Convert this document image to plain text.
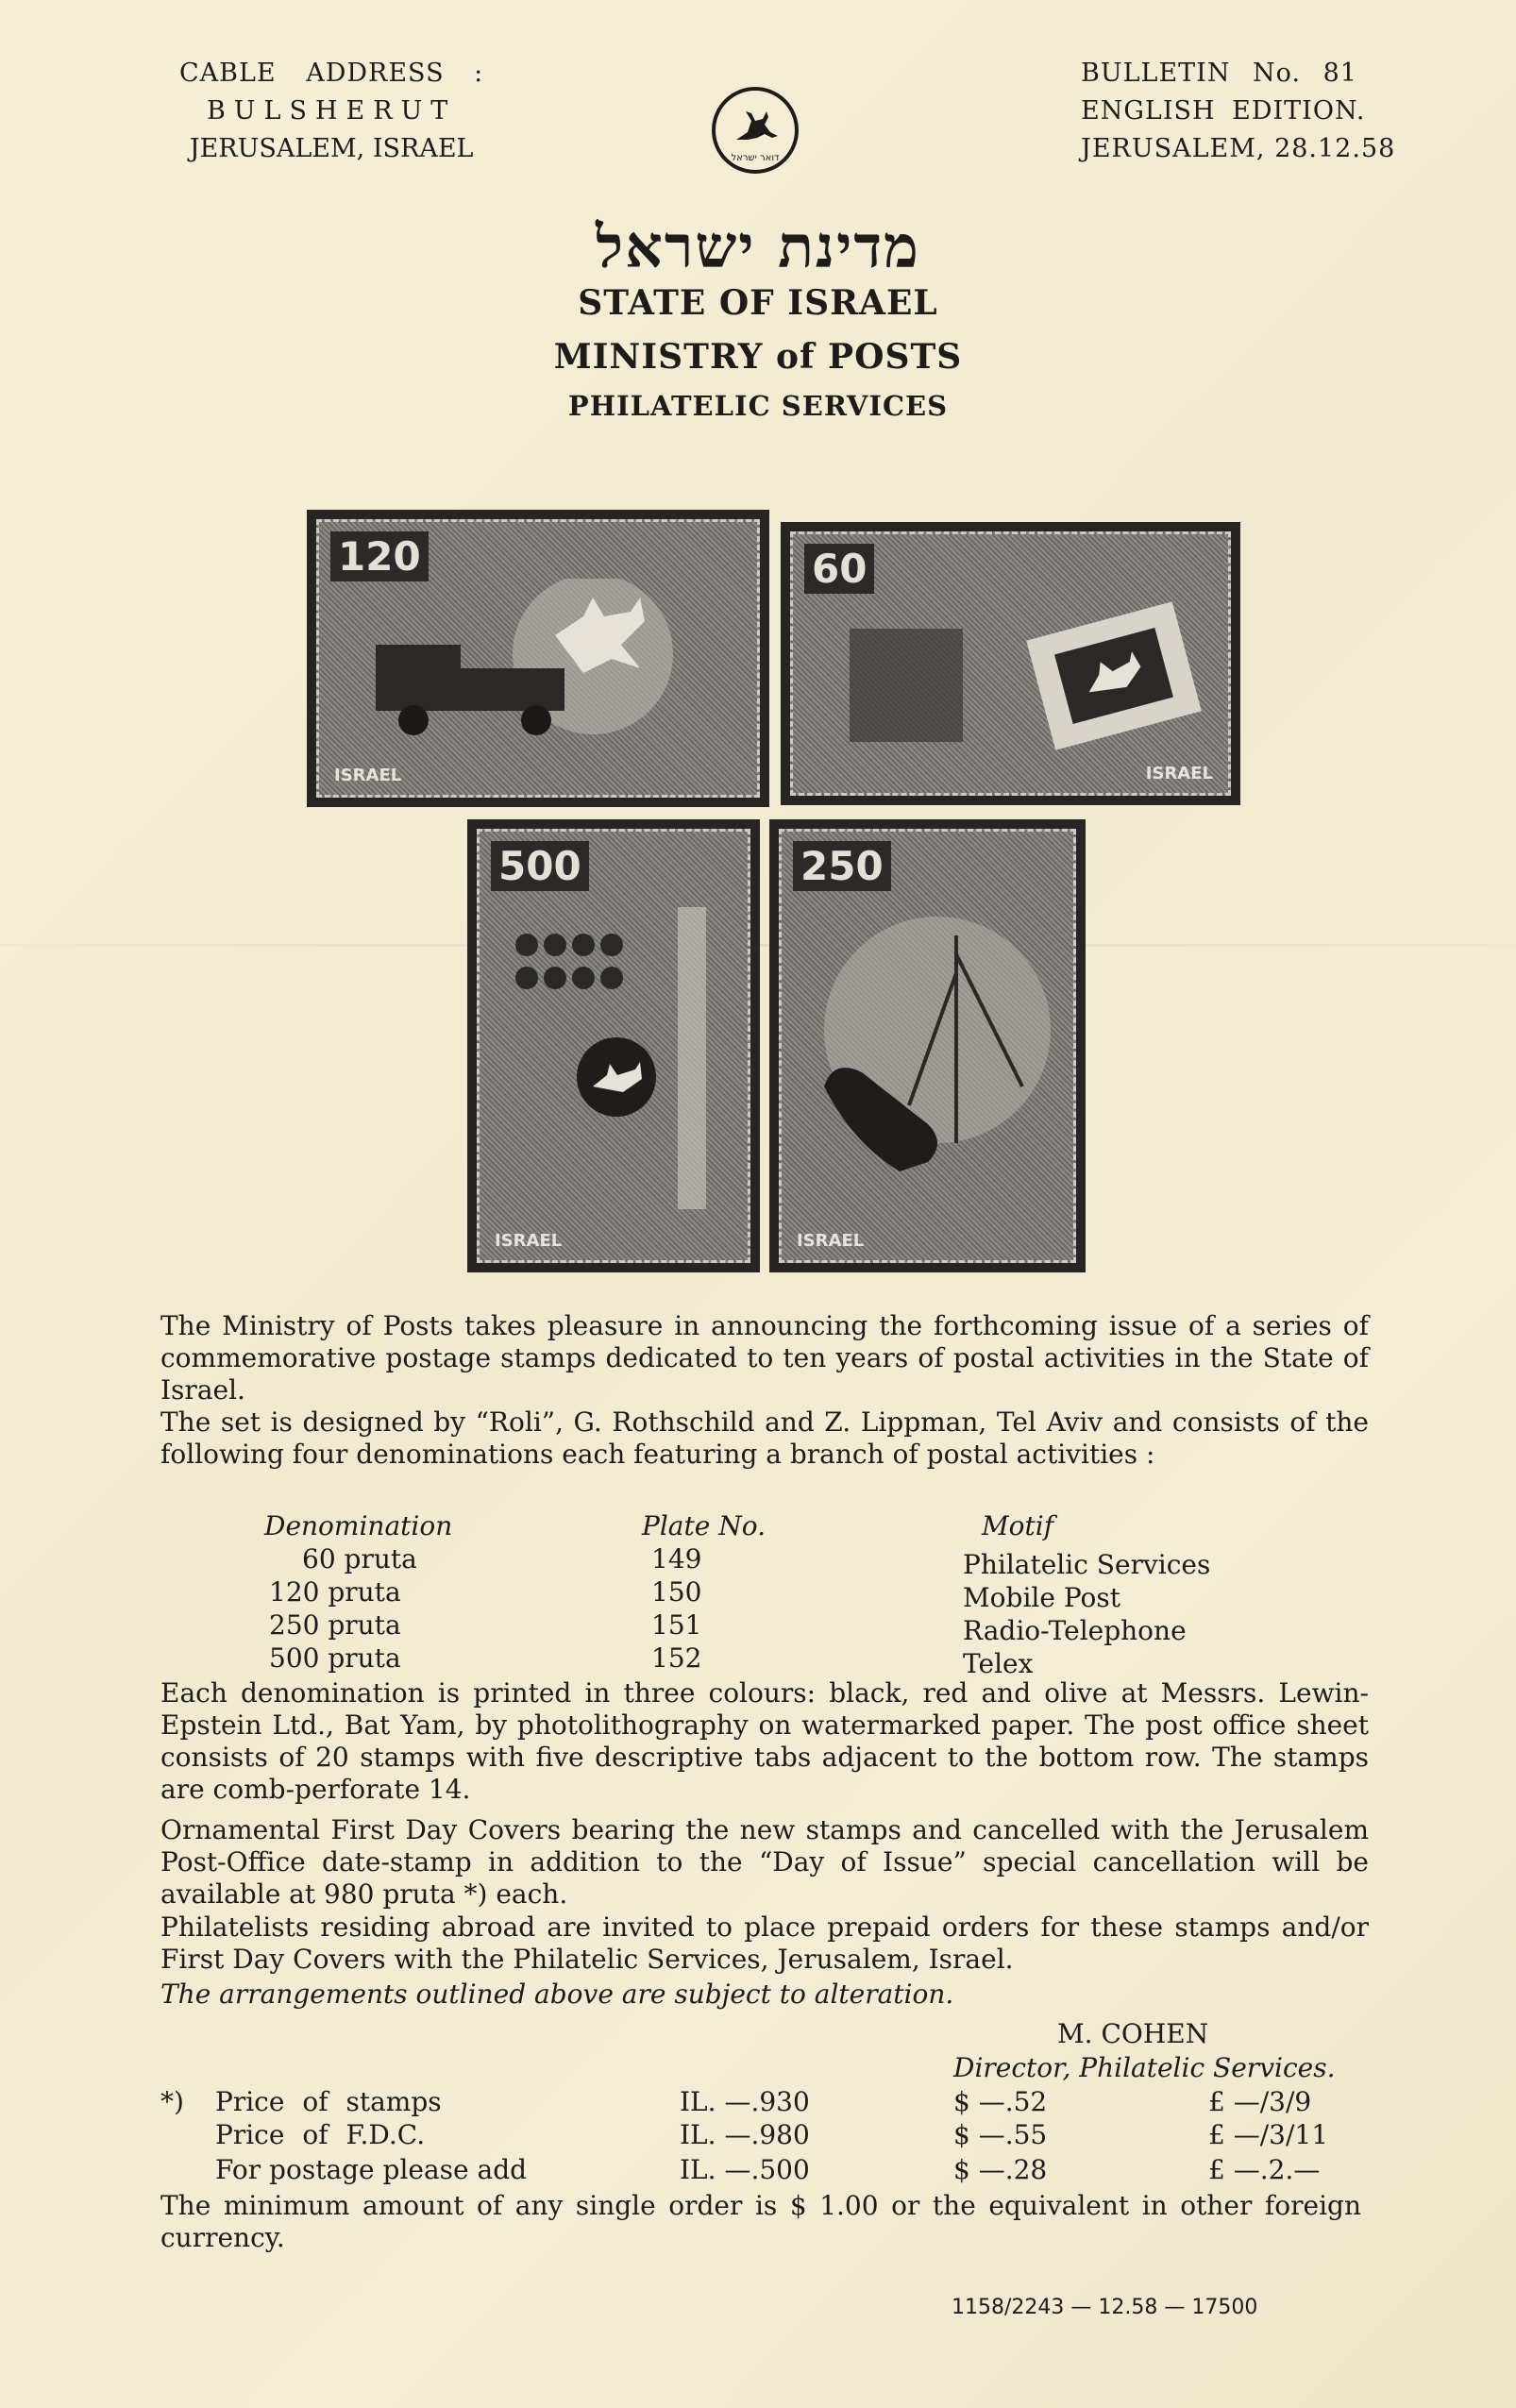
CABLE ADDRESS :
BULSHERUT
JERUSALEM, ISRAEL
BULLETIN No. 81
ENGLISH EDITION.
JERUSALEM, 28.12.58
דואר ישראל
מדינת ישראל
STATE OF ISRAEL
MINISTRY of POSTS
PHILATELIC SERVICES
120
ISRAEL
60
ISRAEL
500
ISRAEL
250
ISRAEL
The Ministry of Posts takes pleasure in announcing the forthcoming issue of a series of commemorative postage stamps dedicated to ten years of postal activities in the State of Israel.
The set is designed by “Roli”, G. Rothschild and Z. Lippman, Tel Aviv and consists of the following four denominations each featuring a branch of postal activities :
Denomination	Plate No.	Motif
60 pruta	149	Philatelic Services
120 pruta	150	Mobile Post
250 pruta	151	Radio-Telephone
500 pruta	152	Telex
Each denomination is printed in three colours: black, red and olive at Messrs. Lewin-Epstein Ltd., Bat Yam, by photolithography on watermarked paper. The post office sheet consists of 20 stamps with five descriptive tabs adjacent to the bottom row. The stamps are comb-perforate 14.
Ornamental First Day Covers bearing the new stamps and cancelled with the Jerusalem Post-Office date-stamp in addition to the “Day of Issue” special cancellation will be available at 980 pruta *) each.
Philatelists residing abroad are invited to place prepaid orders for these stamps and/or First Day Covers with the Philatelic Services, Jerusalem, Israel.
The arrangements outlined above are subject to alteration.
M. COHEN
Director, Philatelic Services.
*) Price of stamps	IL. —.930	$ —.52	£ —/3/9
Price of F.D.C.	IL. —.980	$ —.55	£ —/3/11
For postage please add	IL. —.500	$ —.28	£ —.2.—
The minimum amount of any single order is $ 1.00 or the equivalent in other foreign currency.
1158/2243 — 12.58 — 17500
